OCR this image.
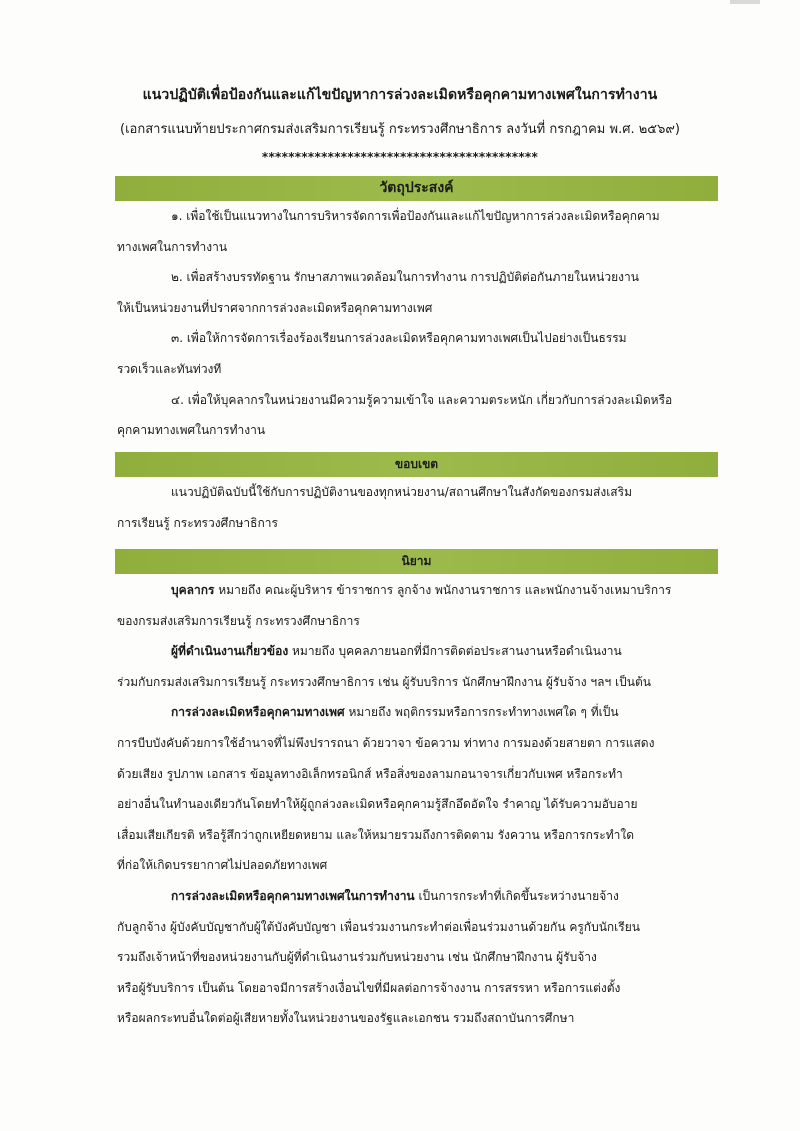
แนวปฏิบัติเพื่อป้องกันและแก้ไขปัญหาการล่วงละเมิดหรือคุกคามทางเพศในการทำงาน
(เอกสารแนบท้ายประกาศกรมส่งเสริมการเรียนรู้ กระทรวงศึกษาธิการ ลงวันที่ กรกฎาคม พ.ศ. ๒๕๖๙)
******************************************
วัตถุประสงค์
๑. เพื่อใช้เป็นแนวทางในการบริหารจัดการเพื่อป้องกันและแก้ไขปัญหาการล่วงละเมิดหรือคุกคาม
ทางเพศในการทำงาน
๒. เพื่อสร้างบรรทัดฐาน รักษาสภาพแวดล้อมในการทำงาน การปฏิบัติต่อกันภายในหน่วยงาน
ให้เป็นหน่วยงานที่ปราศจากการล่วงละเมิดหรือคุกคามทางเพศ
๓. เพื่อให้การจัดการเรื่องร้องเรียนการล่วงละเมิดหรือคุกคามทางเพศเป็นไปอย่างเป็นธรรม
รวดเร็วและทันท่วงที
๔. เพื่อให้บุคลากรในหน่วยงานมีความรู้ความเข้าใจ และความตระหนัก เกี่ยวกับการล่วงละเมิดหรือ
คุกคามทางเพศในการทำงาน
ขอบเขต
แนวปฏิบัติฉบับนี้ใช้กับการปฏิบัติงานของทุกหน่วยงาน/สถานศึกษาในสังกัดของกรมส่งเสริม
การเรียนรู้ กระทรวงศึกษาธิการ
นิยาม
บุคลากร หมายถึง คณะผู้บริหาร ข้าราชการ ลูกจ้าง พนักงานราชการ และพนักงานจ้างเหมาบริการ
ของกรมส่งเสริมการเรียนรู้ กระทรวงศึกษาธิการ
ผู้ที่ดำเนินงานเกี่ยวข้อง หมายถึง บุคคลภายนอกที่มีการติดต่อประสานงานหรือดำเนินงาน
ร่วมกับกรมส่งเสริมการเรียนรู้ กระทรวงศึกษาธิการ เช่น ผู้รับบริการ นักศึกษาฝึกงาน ผู้รับจ้าง ฯลฯ เป็นต้น
การล่วงละเมิดหรือคุกคามทางเพศ หมายถึง พฤติกรรมหรือการกระทำทางเพศใด ๆ ที่เป็น
การบีบบังคับด้วยการใช้อำนาจที่ไม่พึงปรารถนา ด้วยวาจา ข้อความ ท่าทาง การมองด้วยสายตา การแสดง
ด้วยเสียง รูปภาพ เอกสาร ข้อมูลทางอิเล็กทรอนิกส์ หรือสิ่งของลามกอนาจารเกี่ยวกับเพศ หรือกระทำ
อย่างอื่นในทำนองเดียวกันโดยทำให้ผู้ถูกล่วงละเมิดหรือคุกคามรู้สึกอึดอัดใจ รำคาญ ได้รับความอับอาย
เสื่อมเสียเกียรติ หรือรู้สึกว่าถูกเหยียดหยาม และให้หมายรวมถึงการติดตาม รังควาน หรือการกระทำใด
ที่ก่อให้เกิดบรรยากาศไม่ปลอดภัยทางเพศ
การล่วงละเมิดหรือคุกคามทางเพศในการทำงาน เป็นการกระทำที่เกิดขึ้นระหว่างนายจ้าง
กับลูกจ้าง ผู้บังคับบัญชากับผู้ใต้บังคับบัญชา เพื่อนร่วมงานกระทำต่อเพื่อนร่วมงานด้วยกัน ครูกับนักเรียน
รวมถึงเจ้าหน้าที่ของหน่วยงานกับผู้ที่ดำเนินงานร่วมกับหน่วยงาน เช่น นักศึกษาฝึกงาน ผู้รับจ้าง
หรือผู้รับบริการ เป็นต้น โดยอาจมีการสร้างเงื่อนไขที่มีผลต่อการจ้างงาน การสรรหา หรือการแต่งตั้ง
หรือผลกระทบอื่นใดต่อผู้เสียหายทั้งในหน่วยงานของรัฐและเอกชน รวมถึงสถาบันการศึกษา
